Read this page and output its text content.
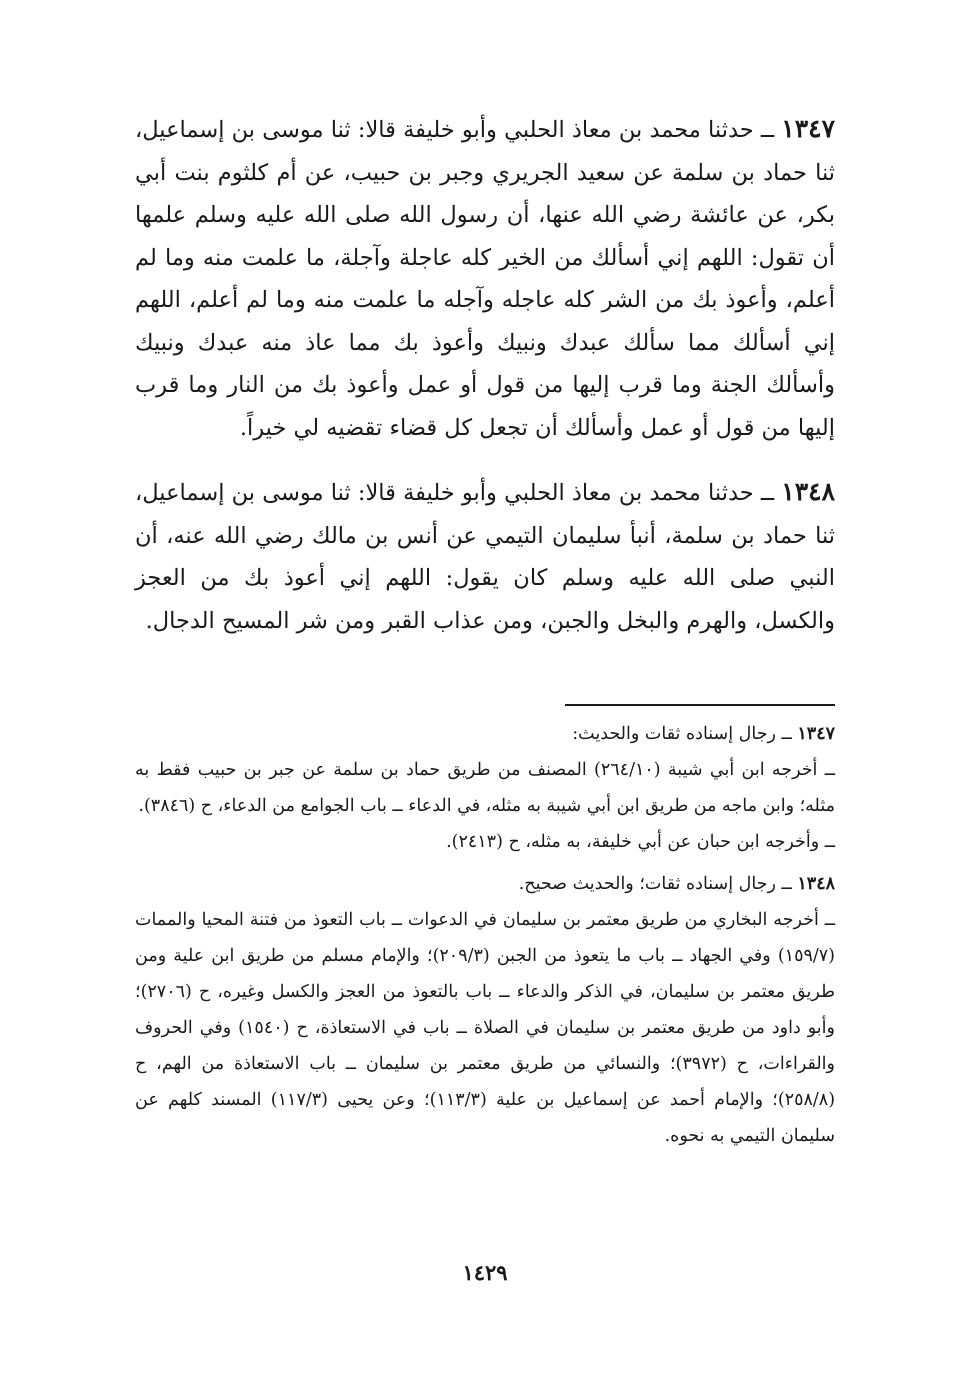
١٣٤٧ ــ حدثنا محمد بن معاذ الحلبي وأبو خليفة قالا: ثنا موسى بن إسماعيل، ثنا حماد بن سلمة عن سعيد الجريري وجبر بن حبيب، عن أم كلثوم بنت أبي بكر، عن عائشة رضي الله عنها، أن رسول الله صلى الله عليه وسلم علمها أن تقول: اللهم إني أسألك من الخير كله عاجلة وآجلة، ما علمت منه وما لم أعلم، وأعوذ بك من الشر كله عاجله وآجله ما علمت منه وما لم أعلم، اللهم إني أسألك مما سألك عبدك ونبيك وأعوذ بك مما عاذ منه عبدك ونبيك وأسألك الجنة وما قرب إليها من قول أو عمل وأعوذ بك من النار وما قرب إليها من قول أو عمل وأسألك أن تجعل كل قضاء تقضيه لي خيراً.

١٣٤٨ ــ حدثنا محمد بن معاذ الحلبي وأبو خليفة قالا: ثنا موسى بن إسماعيل، ثنا حماد بن سلمة، أنبأ سليمان التيمي عن أنس بن مالك رضي الله عنه، أن النبي صلى الله عليه وسلم كان يقول: اللهم إني أعوذ بك من العجز والكسل، والهرم والبخل والجبن، ومن عذاب القبر ومن شر المسيح الدجال.

١٣٤٧ ــ رجال إسناده ثقات والحديث:

ــ أخرجه ابن أبي شيبة (٢٦٤/١٠) المصنف من طريق حماد بن سلمة عن جبر بن حبيب فقط به مثله؛ وابن ماجه من طريق ابن أبي شيبة به مثله، في الدعاء ــ باب الجوامع من الدعاء، ح (٣٨٤٦).

ــ وأخرجه ابن حبان عن أبي خليفة، به مثله، ح (٢٤١٣).

١٣٤٨ ــ رجال إسناده ثقات؛ والحديث صحيح.

ــ أخرجه البخاري من طريق معتمر بن سليمان في الدعوات ــ باب التعوذ من فتنة المحيا والممات (١٥٩/٧) وفي الجهاد ــ باب ما يتعوذ من الجبن (٢٠٩/٣)؛ والإمام مسلم من طريق ابن علية ومن طريق معتمر بن سليمان، في الذكر والدعاء ــ باب بالتعوذ من العجز والكسل وغيره، ح (٢٧٠٦)؛ وأبو داود من طريق معتمر بن سليمان في الصلاة ــ باب في الاستعاذة، ح (١٥٤٠) وفي الحروف والقراءات، ح (٣٩٧٢)؛ والنسائي من طريق معتمر بن سليمان ــ باب الاستعاذة من الهم، ح (٢٥٨/٨)؛ والإمام أحمد عن إسماعيل بن علية (١١٣/٣)؛ وعن يحيى (١١٧/٣) المسند كلهم عن سليمان التيمي به نحوه.

١٤٢٩
